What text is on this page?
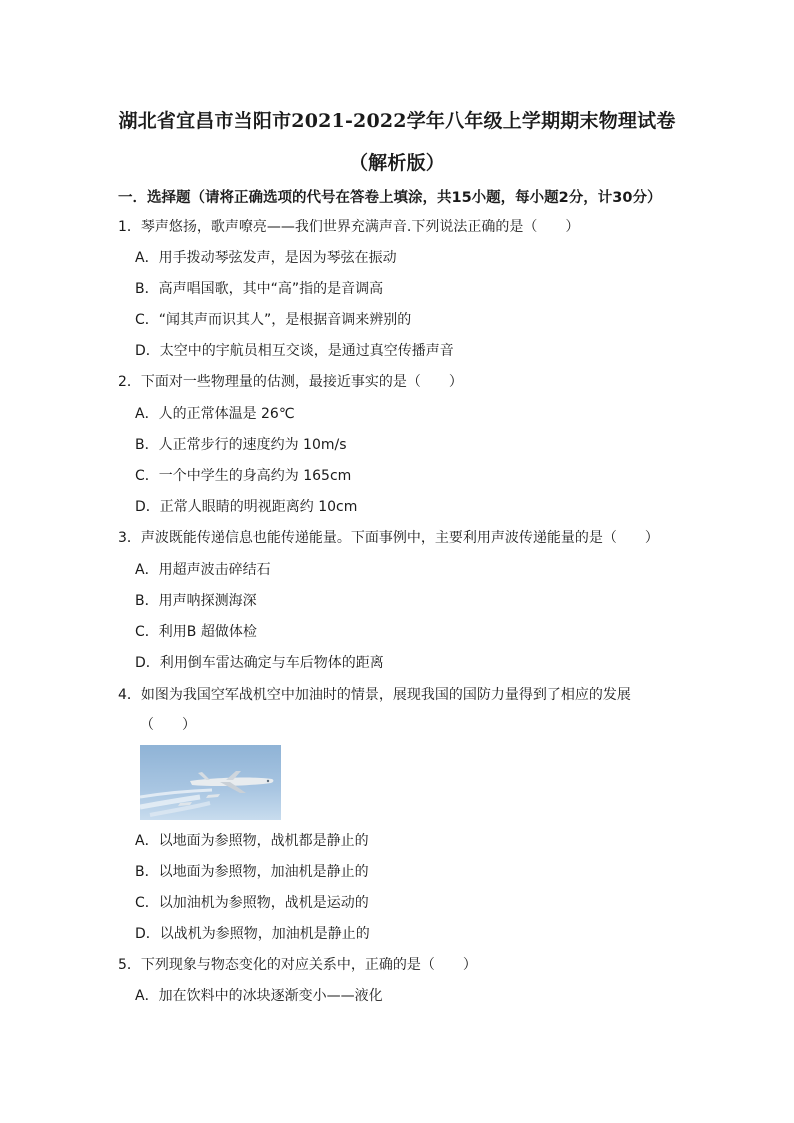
湖北省宜昌市当阳市2021-2022学年八年级上学期期末物理试卷
（解析版）
一．选择题（请将正确选项的代号在答卷上填涂，共15小题，每小题2分，计30分）
1．琴声悠扬，歌声嘹亮——我们世界充满声音.下列说法正确的是（　　）
A．用手拨动琴弦发声，是因为琴弦在振动
B．高声唱国歌，其中“高”指的是音调高
C．“闻其声而识其人”，是根据音调来辨别的
D．太空中的宇航员相互交谈，是通过真空传播声音
2．下面对一些物理量的估测，最接近事实的是（　　）
A．人的正常体温是 26℃
B．人正常步行的速度约为 10m/s
C．一个中学生的身高约为 165cm
D．正常人眼睛的明视距离约 10cm
3．声波既能传递信息也能传递能量。下面事例中，主要利用声波传递能量的是（　　）
A．用超声波击碎结石
B．用声呐探测海深
C．利用B 超做体检
D．利用倒车雷达确定与车后物体的距离
4．如图为我国空军战机空中加油时的情景，展现我国的国防力量得到了相应的发展
（　　）
A．以地面为参照物，战机都是静止的
B．以地面为参照物，加油机是静止的
C．以加油机为参照物，战机是运动的
D．以战机为参照物，加油机是静止的
5．下列现象与物态变化的对应关系中，正确的是（　　）
A．加在饮料中的冰块逐渐变小——液化
